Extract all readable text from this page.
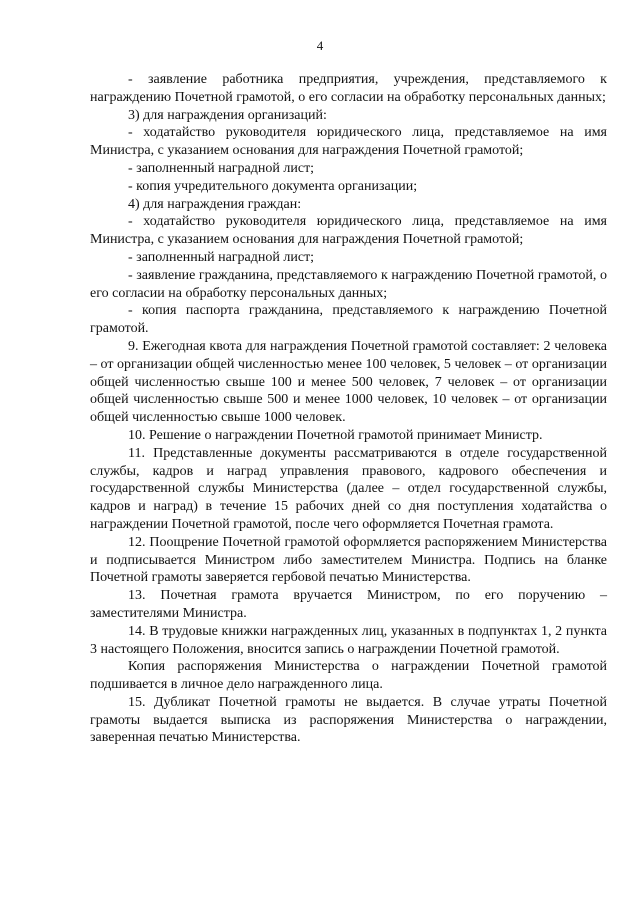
4

- заявление работника предприятия, учреждения, представляемого к награждению Почетной грамотой, о его согласии на обработку персональных данных;

3) для награждения организаций:

- ходатайство руководителя юридического лица, представляемое на имя Министра, с указанием основания для награждения Почетной грамотой;

- заполненный наградной лист;

- копия учредительного документа организации;

4) для награждения граждан:

- ходатайство руководителя юридического лица, представляемое на имя Министра, с указанием основания для награждения Почетной грамотой;

- заполненный наградной лист;

- заявление гражданина, представляемого к награждению Почетной грамотой, о его согласии на обработку персональных данных;

- копия паспорта гражданина, представляемого к награждению Почетной грамотой.

9. Ежегодная квота для награждения Почетной грамотой составляет: 2 человека – от организации общей численностью менее 100 человек, 5 человек – от организации общей численностью свыше 100 и менее 500 человек, 7 человек – от организации общей численностью свыше 500 и менее 1000 человек, 10 человек – от организации общей численностью свыше 1000 человек.

10. Решение о награждении Почетной грамотой принимает Министр.

11. Представленные документы рассматриваются в отделе государственной службы, кадров и наград управления правового, кадрового обеспечения и государственной службы Министерства (далее – отдел государственной службы, кадров и наград) в течение 15 рабочих дней со дня поступления ходатайства о награждении Почетной грамотой, после чего оформляется Почетная грамота.

12. Поощрение Почетной грамотой оформляется распоряжением Министерства и подписывается Министром либо заместителем Министра. Подпись на бланке Почетной грамоты заверяется гербовой печатью Министерства.

13. Почетная грамота вручается Министром, по его поручению – заместителями Министра.

14. В трудовые книжки награжденных лиц, указанных в подпунктах 1, 2 пункта 3 настоящего Положения, вносится запись о награждении Почетной грамотой.

Копия распоряжения Министерства о награждении Почетной грамотой подшивается в личное дело награжденного лица.

15. Дубликат Почетной грамоты не выдается. В случае утраты Почетной грамоты выдается выписка из распоряжения Министерства о награждении, заверенная печатью Министерства.
